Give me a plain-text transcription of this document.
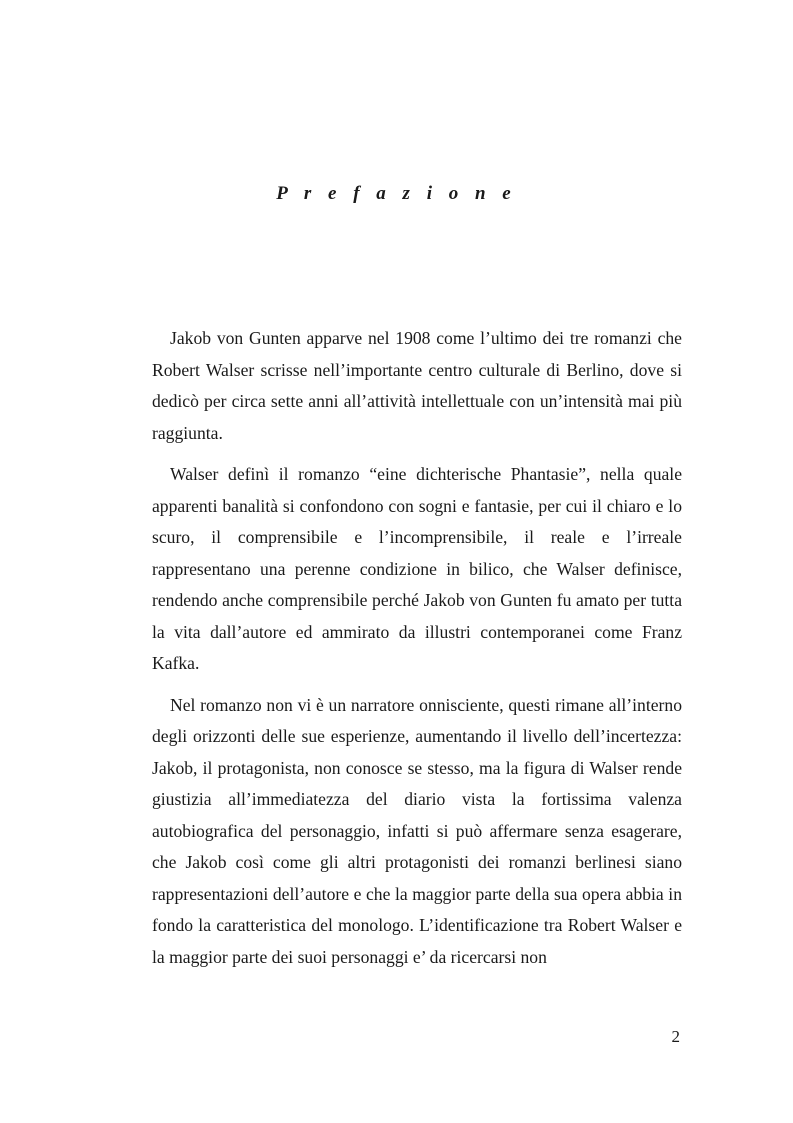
P r e f a z i o n e

Jakob von Gunten apparve nel 1908 come l’ultimo dei tre romanzi che Robert Walser scrisse nell’importante centro culturale di Berlino, dove si dedicò per circa sette anni all’attività intellettuale con un’intensità mai più raggiunta.

Walser definì il romanzo “eine dichterische Phantasie”, nella quale apparenti banalità si confondono con sogni e fantasie, per cui il chiaro e lo scuro, il comprensibile e l’incomprensibile, il reale e l’irreale rappresentano una perenne condizione in bilico, che Walser definisce, rendendo anche comprensibile perché Jakob von Gunten fu amato per tutta la vita dall’autore ed ammirato da illustri contemporanei come Franz Kafka.

Nel romanzo non vi è un narratore onnisciente, questi rimane all’interno degli orizzonti delle sue esperienze, aumentando il livello dell’incertezza: Jakob, il protagonista, non conosce se stesso, ma la figura di Walser rende giustizia all’immediatezza del diario vista la fortissima valenza autobiografica del personaggio, infatti si può affermare senza esagerare, che Jakob così come gli altri protagonisti dei romanzi berlinesi siano rappresentazioni dell’autore e che la maggior parte della sua opera abbia in fondo la caratteristica del monologo. L’identificazione tra Robert Walser e la maggior parte dei suoi personaggi e’ da ricercarsi non

2
